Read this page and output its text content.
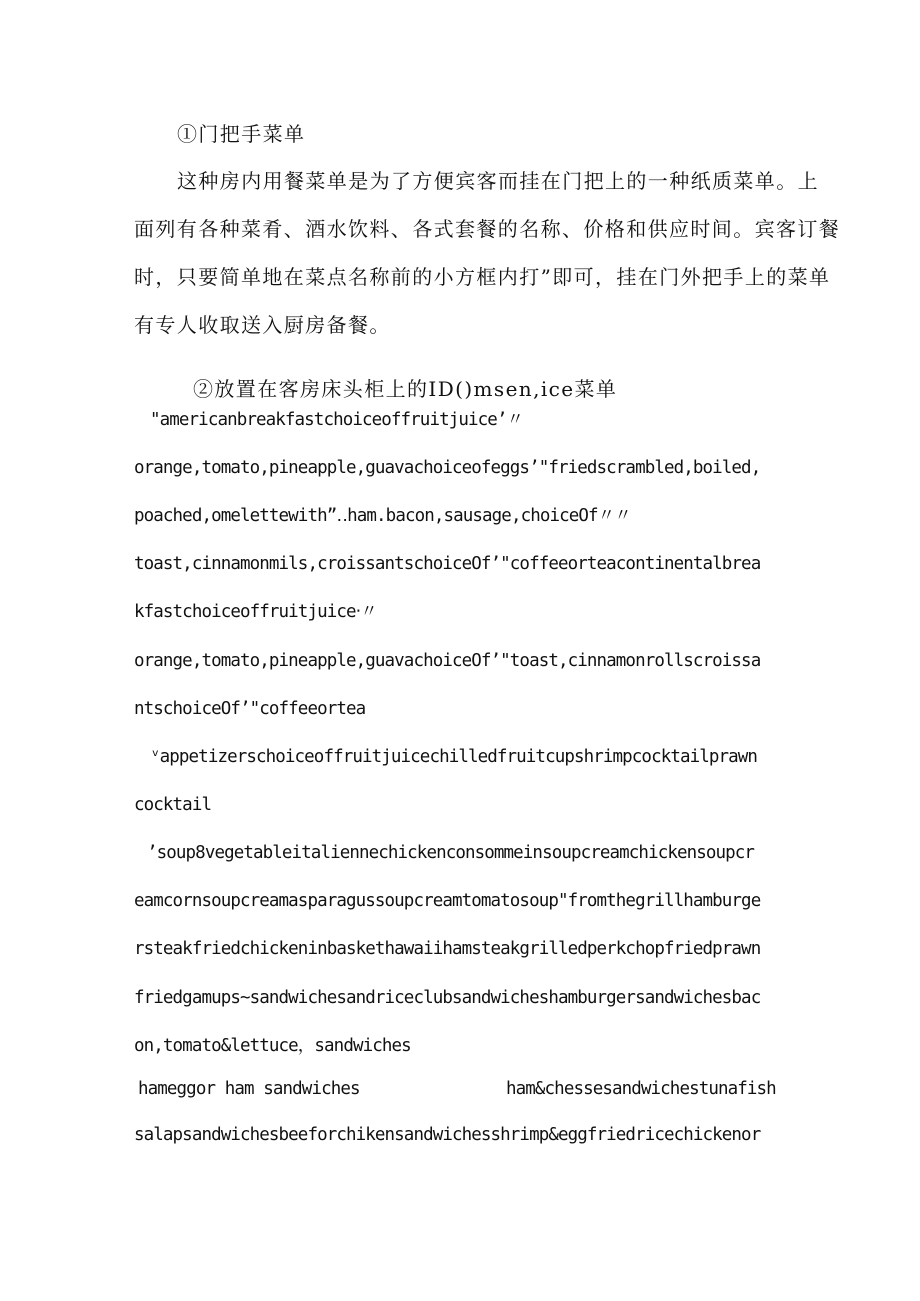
①门把手菜单
这种房内用餐菜单是为了方便宾客而挂在门把上的一种纸质菜单。上
面列有各种菜肴、酒水饮料、各式套餐的名称、价格和供应时间。宾客订餐
时，只要简单地在菜点名称前的小方框内打”即可，挂在门外把手上的菜单
有专人收取送入厨房备餐。

②放置在客房床头柜上的ID()msen,ice菜单

"americanbreakfastchoiceoffruitjuice’〃
orange,tomato,pineapple,guavachoiceofeggs’"friedscrambled,boiled,
poached,omelettewith”‥ham.bacon,sausage,choiceOf〃〃
toast,cinnamonmils,croissantschoiceOf’"coffeeorteacontinentalbrea
kfastchoiceoffruitjuice‧〃
orange,tomato,pineapple,guavachoiceOf’"toast,cinnamonrollscroissa
ntschoiceOf’"coffeeortea
ᵛappetizerschoiceoffruitjuicechilledfruitcupshrimpcocktailprawn
cocktail
’soup8vegetableitaliennechickenconsommeinsoupcreamchickensoupcr
eamcornsoupcreamasparagussoupcreamtomatosoup"fromthegrillhamburge
rsteakfriedchickeninbaskethawaiihamsteakgrilledperkchopfriedprawn
friedgamups~sandwichesandriceclubsandwicheshamburgersandwichesbac
on,tomato&lettuce，sandwiches
hameggor ham sandwiches	ham&chessesandwichestunafish
salapsandwichesbeeforchikensandwichesshrimp&eggfriedricechickenor
